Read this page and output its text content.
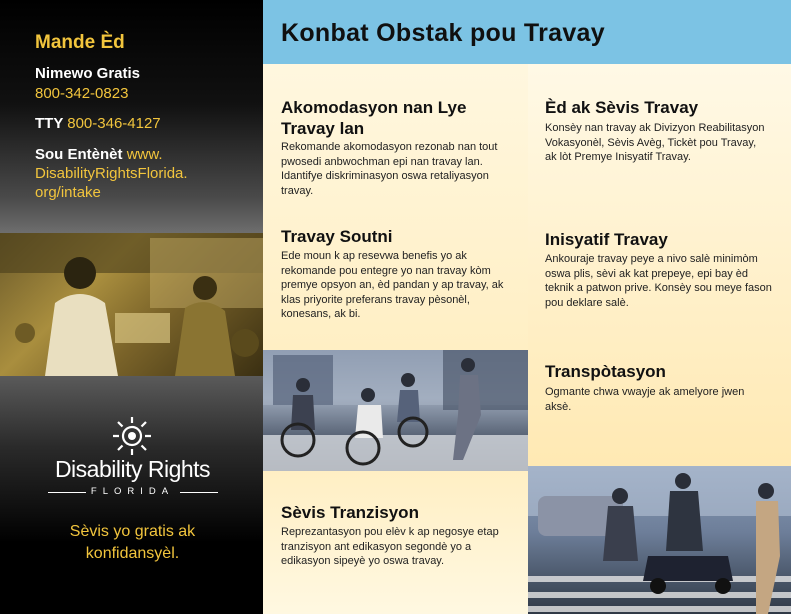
Mande Èd
Nimewo Gratis
800-342-0823
TTY 800-346-4127
Sou Entènèt www. DisabilityRightsFlorida. org/intake
Disability Rights
FLORIDA
Sèvis yo gratis ak konfidansyèl.
Konbat Obstak pou Travay
Akomodasyon nan Lye Travay lan
Rekomande akomodasyon rezonab nan tout pwosedi anbwochman epi nan travay lan. Idantifye diskriminasyon oswa retaliyasyon travay.
Travay Soutni
Ede moun k ap resevwa benefis yo ak rekomande pou entegre yo nan travay kòm premye opsyon an, èd pandan y ap travay, ak klas priyorite preferans travay pèsonèl, konesans, ak bi.
Èd ak Sèvis Travay
Konsèy nan travay ak Divizyon Reabilitasyon Vokasyonèl, Sèvis Avèg, Tickèt pou Travay, ak lòt Premye Inisyatif Travay.
Inisyatif Travay
Ankouraje travay peye a nivo salè minimòm oswa plis, sèvi ak kat prepeye, epi bay èd teknik a patwon prive. Konsèy sou meye fason pou deklare salè.
Transpòtasyon
Ogmante chwa vwayje ak amelyore jwen aksè.
Sèvis Tranzisyon
Reprezantasyon pou elèv k ap negosye etap tranzisyon ant edikasyon segondè yo a edikasyon sipeyè yo oswa travay.
